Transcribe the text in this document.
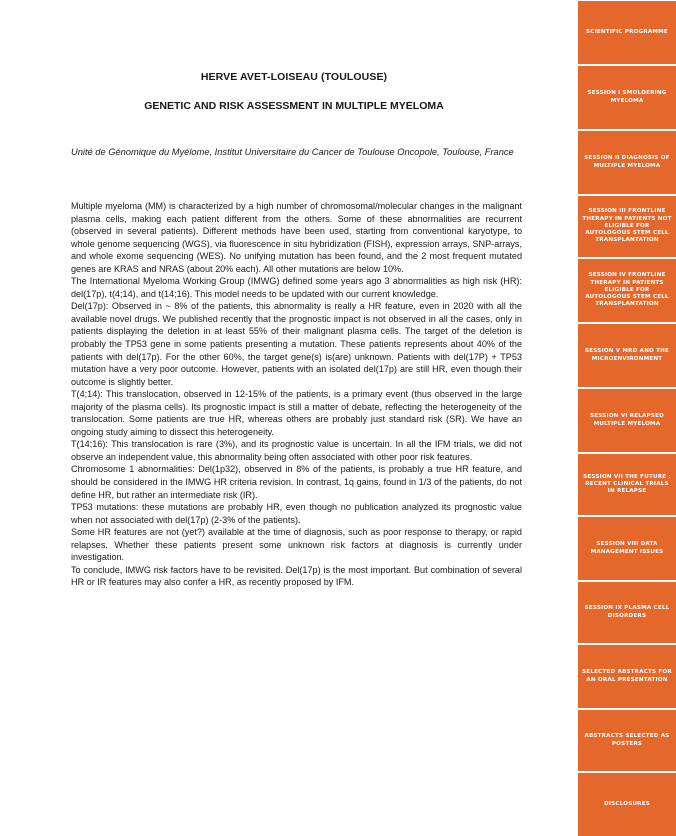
HERVE AVET-LOISEAU (TOULOUSE)
GENETIC AND RISK ASSESSMENT IN MULTIPLE MYELOMA
Unité de Génomique du Myélome, Institut Universitaire du Cancer de Toulouse Oncopole, Toulouse, France

Multiple myeloma (MM) is characterized by a high number of chromosomal/molecular changes in the malignant plasma cells, making each patient different from the others. Some of these abnormalities are recurrent (observed in several patients). Different methods have been used, starting from conventional karyotype, to whole genome sequencing (WGS), via fluorescence in situ hybridization (FISH), expression arrays, SNP-arrays, and whole exome sequencing (WES). No unifying mutation has been found, and the 2 most frequent mutated genes are KRAS and NRAS (about 20% each). All other mutations are below 10%.

The International Myeloma Working Group (IMWG) defined some years ago 3 abnormalities as high risk (HR): del(17p), t(4;14), and t(14;16). This model needs to be updated with our current knowledge.

Del(17p): Observed in ~ 8% of the patients, this abnormality is really a HR feature, even in 2020 with all the available novel drugs. We published recently that the prognostic impact is not observed in all the cases, only in patients displaying the deletion in at least 55% of their malignant plasma cells. The target of the deletion is probably the TP53 gene in some patients presenting a mutation. These patients represents about 40% of the patients with del(17p). For the other 60%, the target gene(s) is(are) unknown. Patients with del(17P) + TP53 mutation have a very poor outcome. However, patients with an isolated del(17p) are still HR, even though their outcome is slightly better.

T(4;14): This translocation, observed in 12-15% of the patients, is a primary event (thus observed in the large majority of the plasma cells). Its prognostic impact is still a matter of debate, reflecting the heterogeneity of the translocation. Some patients are true HR, whereas others are probably just standard risk (SR). We have an ongoing study aiming to dissect this heterogeneity.

T(14;16): This translocation is rare (3%), and its prognostic value is uncertain. In all the IFM trials, we did not observe an independent value, this abnormality being often associated with other poor risk features.

Chromosome 1 abnormalities: Del(1p32), observed in 8% of the patients, is probably a true HR feature, and should be considered in the IMWG HR criteria revision. In contrast, 1q gains, found in 1/3 of the patients, do not define HR, but rather an intermediate risk (IR).

TP53 mutations: these mutations are probably HR, even though no publication analyzed its prognostic value when not associated with del(17p) (2-3% of the patients).

Some HR features are not (yet?) available at the time of diagnosis, such as poor response to therapy, or rapid relapses. Whether these patients present some unknown risk factors at diagnosis is currently under investigation.

To conclude, IMWG risk factors have to be revisited. Del(17p) is the most important. But combination of several HR or IR features may also confer a HR, as recently proposed by IFM.

SCIENTIFIC PROGRAMME
SESSION I SMOLDERING MYELOMA
SESSION II DIAGNOSIS OF MULTIPLE MYELOMA
SESSION III FRONTLINE THERAPY IN PATIENTS NOT ELIGIBLE FOR AUTOLOGOUS STEM CELL TRANSPLANTATION
SESSION IV FRONTLINE THERAPY IN PATIENTS ELIGIBLE FOR AUTOLOGOUS STEM CELL TRANSPLANTATION
SESSION V MRD AND THE MICROENVIRONMENT
SESSION VI RELAPSED MULTIPLE MYELOMA
SESSION VII THE FUTURE : RECENT CLINICAL TRIALS IN RELAPSE
SESSION VIII DATA MANAGEMENT ISSUES
SESSION IX PLASMA CELL DISORDERS
SELECTED ABSTRACTS FOR AN ORAL PRESENTATION
ABSTRACTS SELECTED AS POSTERS
DISCLOSURES
